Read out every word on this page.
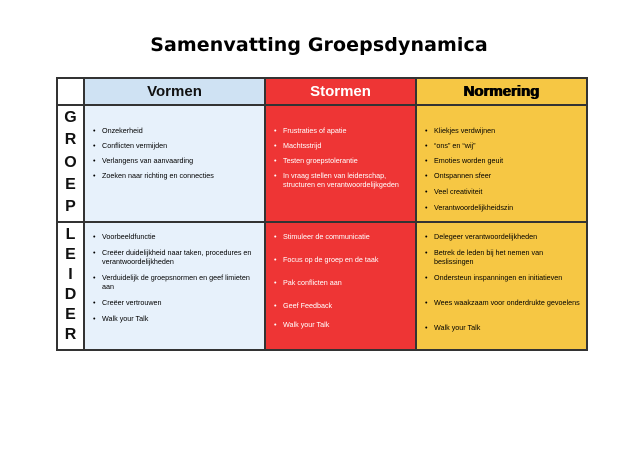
Samenvatting Groepsdynamica
Vormen	Stormen	Normering
G
R
O
E
P
• Onzekerheid
• Conflicten vermijden
• Verlangens van aanvaarding
• Zoeken naar richting en connecties
• Frustraties of apatie
• Machtsstrijd
• Testen groepstolerantie
• In vraag stellen van leiderschap, structuren en verantwoordelijkgeden
• Kliekjes verdwijnen
• “ons” en “wij”
• Emoties worden geuit
• Ontspannen sfeer
• Veel creativiteit
• Verantwoordelijkheidszin
L
E
I
D
E
R
• Voorbeeldfunctie
• Creëer duidelijkheid naar taken, procedures en verantwoordelijkheden
• Verduidelijk de groepsnormen en geef limieten aan
• Creëer vertrouwen
• Walk your Talk
• Stimuleer de communicatie
• Focus op de groep en de taak
• Pak conflicten aan
• Geef Feedback
• Walk your Talk
• Delegeer verantwoordelijkheden
• Betrek de leden bij het nemen van beslissingen
• Ondersteun inspanningen en initiatieven
• Wees waakzaam voor onderdrukte gevoelens
• Walk your Talk
